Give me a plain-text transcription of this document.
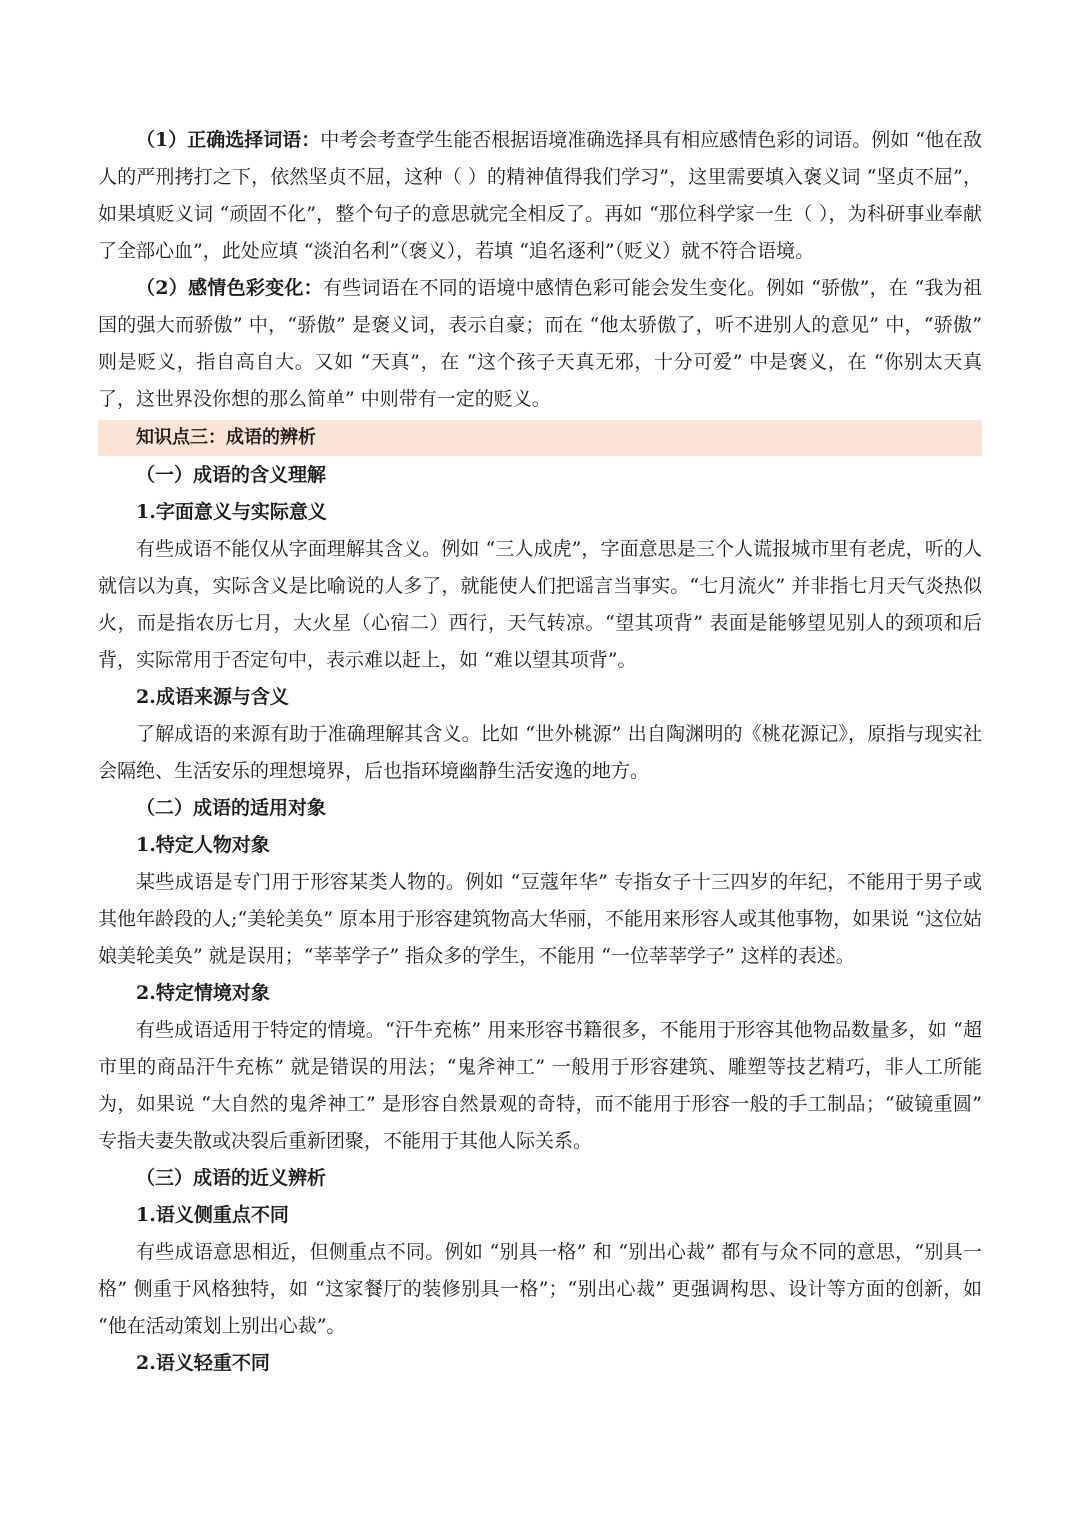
（1）正确选择词语：中考会考查学生能否根据语境准确选择具有相应感情色彩的词语。例如 “他在敌人的严刑拷打之下，依然坚贞不屈，这种（ ）的精神值得我们学习”，这里需要填入褒义词 “坚贞不屈”，如果填贬义词 “顽固不化”，整个句子的意思就完全相反了。再如 “那位科学家一生（ ），为科研事业奉献了全部心血”，此处应填 “淡泊名利”（褒义），若填 “追名逐利”（贬义）就不符合语境。

（2）感情色彩变化：有些词语在不同的语境中感情色彩可能会发生变化。例如 “骄傲”，在 “我为祖国的强大而骄傲” 中，“骄傲” 是褒义词，表示自豪；而在 “他太骄傲了，听不进别人的意见” 中，“骄傲” 则是贬义，指自高自大。又如 “天真”，在 “这个孩子天真无邪，十分可爱” 中是褒义，在 “你别太天真了，这世界没你想的那么简单” 中则带有一定的贬义。

知识点三：成语的辨析

（一）成语的含义理解

1.字面意义与实际意义

有些成语不能仅从字面理解其含义。例如 “三人成虎”，字面意思是三个人谎报城市里有老虎，听的人就信以为真，实际含义是比喻说的人多了，就能使人们把谣言当事实。“七月流火” 并非指七月天气炎热似火，而是指农历七月，大火星（心宿二）西行，天气转凉。“望其项背” 表面是能够望见别人的颈项和后背，实际常用于否定句中，表示难以赶上，如 “难以望其项背”。

2.成语来源与含义

了解成语的来源有助于准确理解其含义。比如 “世外桃源” 出自陶渊明的《桃花源记》，原指与现实社会隔绝、生活安乐的理想境界，后也指环境幽静生活安逸的地方。

（二）成语的适用对象

1.特定人物对象

某些成语是专门用于形容某类人物的。例如 “豆蔻年华” 专指女子十三四岁的年纪，不能用于男子或其他年龄段的人;“美轮美奂” 原本用于形容建筑物高大华丽，不能用来形容人或其他事物，如果说 “这位姑娘美轮美奂” 就是误用；“莘莘学子” 指众多的学生，不能用 “一位莘莘学子” 这样的表述。

2.特定情境对象

有些成语适用于特定的情境。“汗牛充栋” 用来形容书籍很多，不能用于形容其他物品数量多，如 “超市里的商品汗牛充栋” 就是错误的用法；“鬼斧神工” 一般用于形容建筑、雕塑等技艺精巧，非人工所能为，如果说 “大自然的鬼斧神工” 是形容自然景观的奇特，而不能用于形容一般的手工制品；“破镜重圆” 专指夫妻失散或决裂后重新团聚，不能用于其他人际关系。

（三）成语的近义辨析

1.语义侧重点不同

有些成语意思相近，但侧重点不同。例如 “别具一格” 和 “别出心裁” 都有与众不同的意思，“别具一格” 侧重于风格独特，如 “这家餐厅的装修别具一格”；“别出心裁” 更强调构思、设计等方面的创新，如 “他在活动策划上别出心裁”。

2.语义轻重不同
